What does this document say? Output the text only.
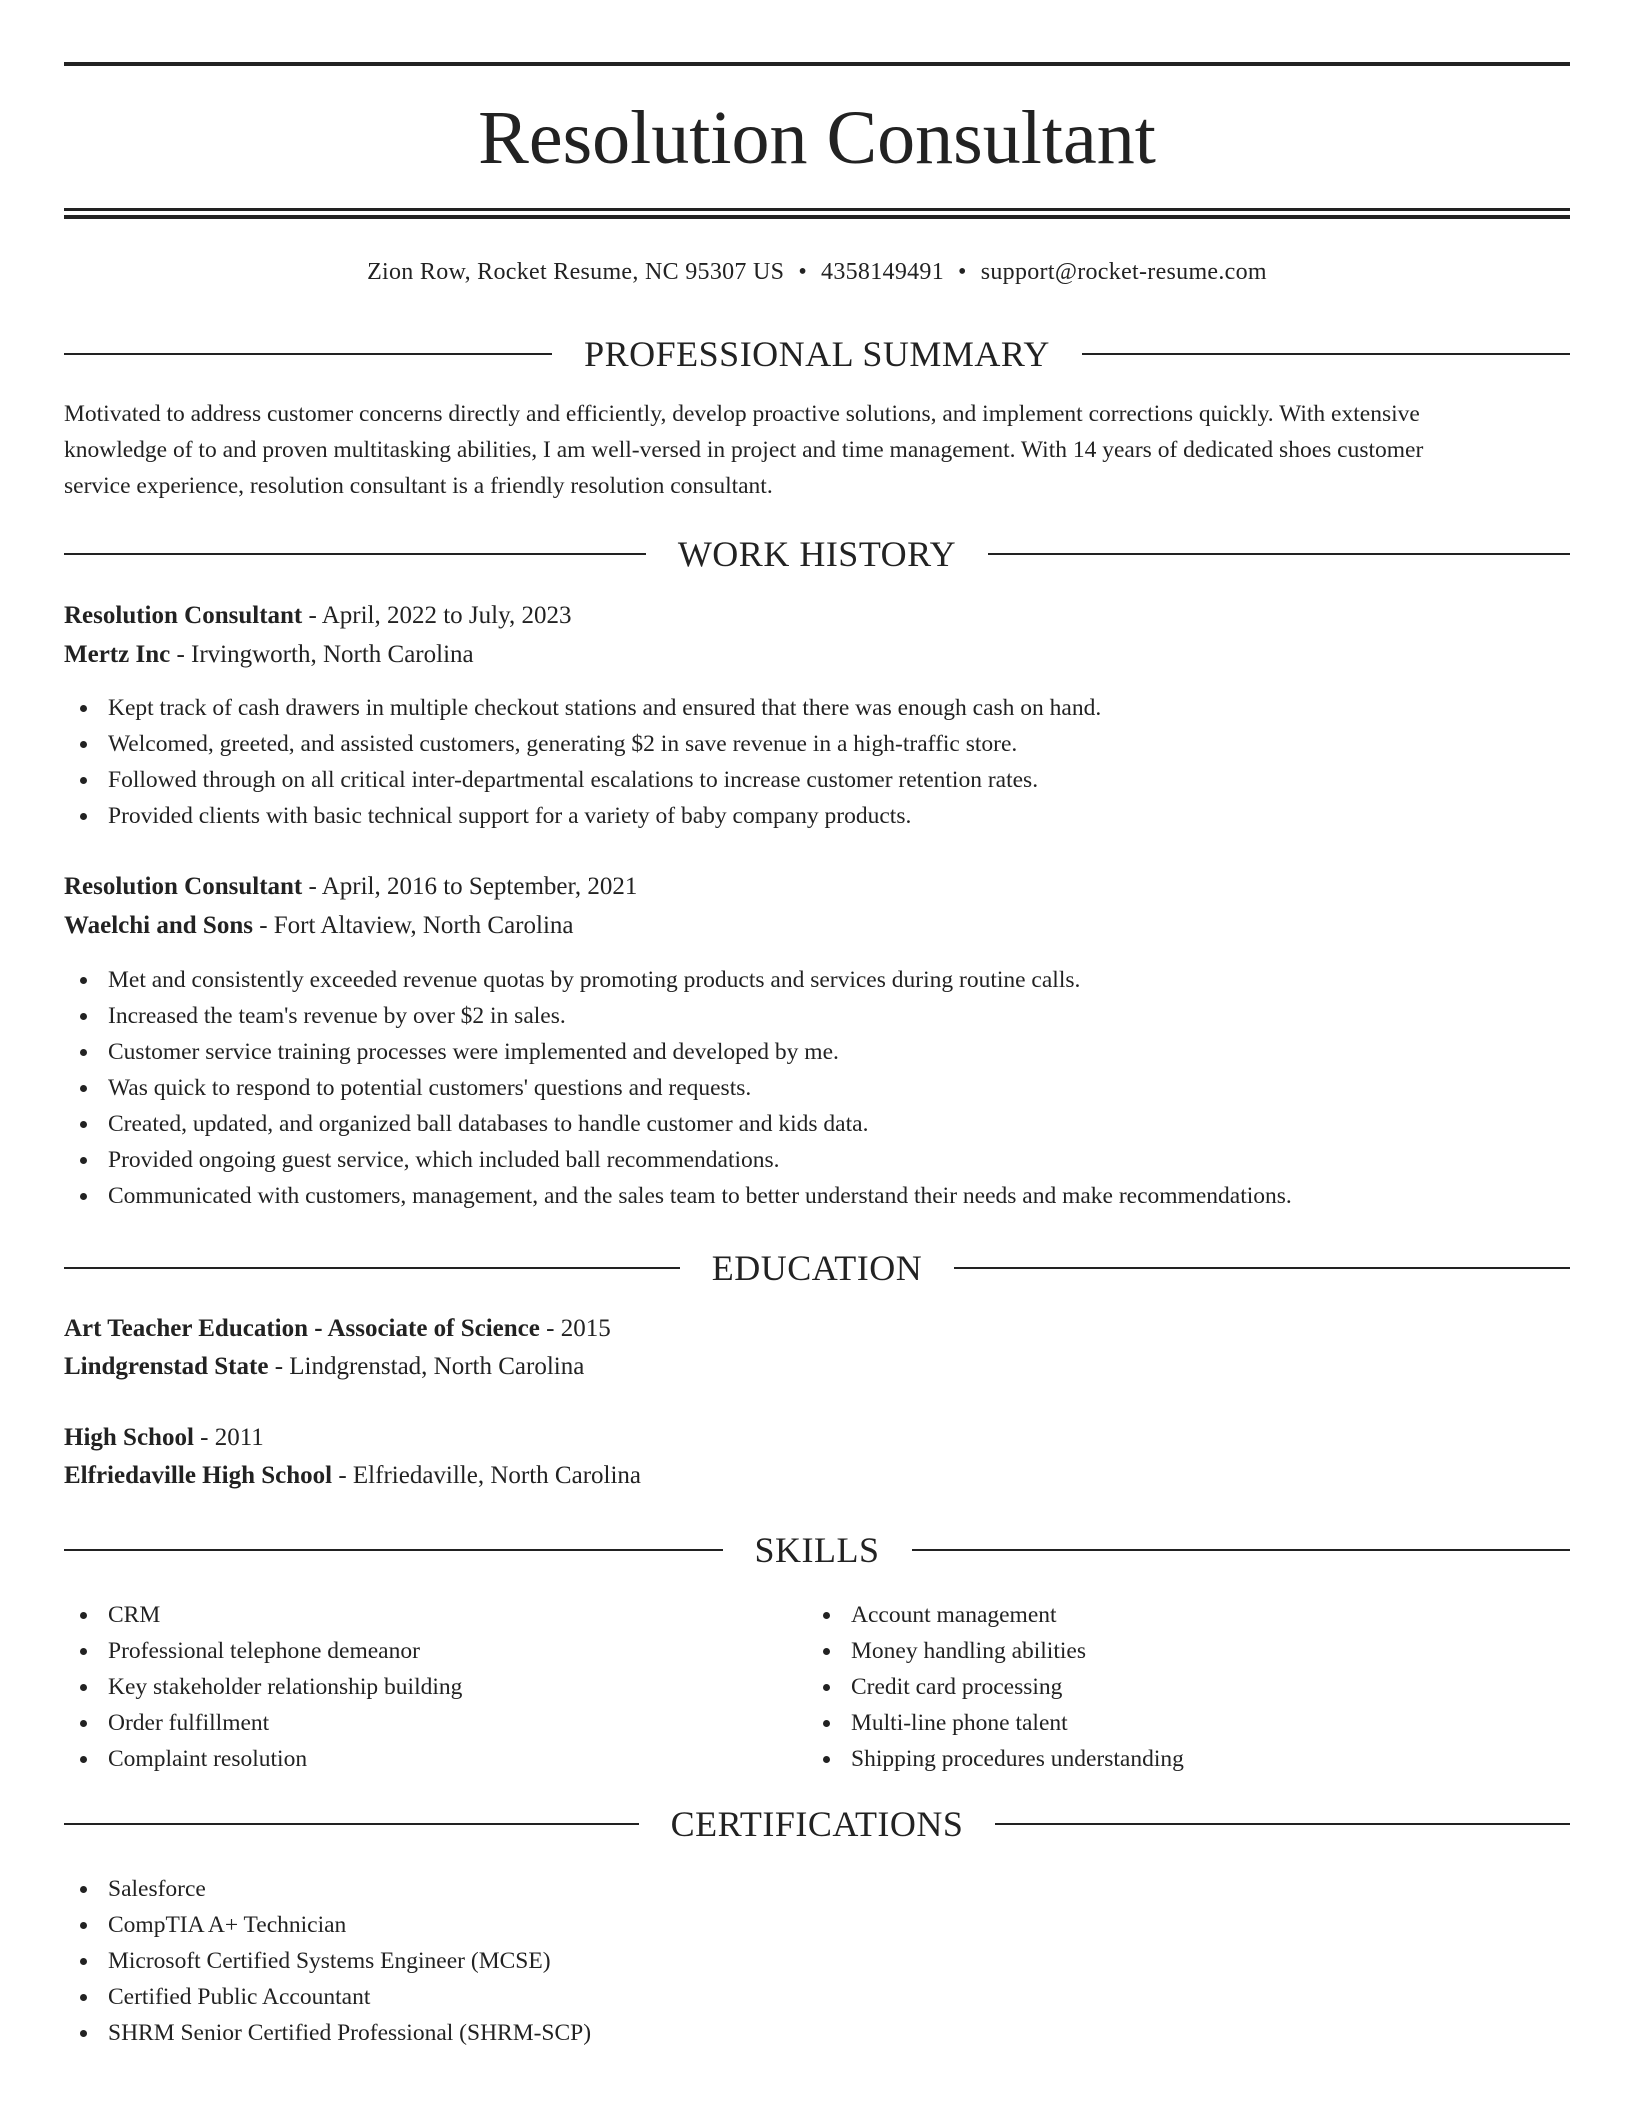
Resolution Consultant
Zion Row, Rocket Resume, NC 95307 US • 4358149491 • support@rocket-resume.com
PROFESSIONAL SUMMARY
Motivated to address customer concerns directly and efficiently, develop proactive solutions, and implement corrections quickly. With extensive
knowledge of to and proven multitasking abilities, I am well-versed in project and time management. With 14 years of dedicated shoes customer
service experience, resolution consultant is a friendly resolution consultant.
WORK HISTORY
Resolution Consultant - April, 2022 to July, 2023
Mertz Inc - Irvingworth, North Carolina
Kept track of cash drawers in multiple checkout stations and ensured that there was enough cash on hand.
Welcomed, greeted, and assisted customers, generating $2 in save revenue in a high-traffic store.
Followed through on all critical inter-departmental escalations to increase customer retention rates.
Provided clients with basic technical support for a variety of baby company products.
Resolution Consultant - April, 2016 to September, 2021
Waelchi and Sons - Fort Altaview, North Carolina
Met and consistently exceeded revenue quotas by promoting products and services during routine calls.
Increased the team's revenue by over $2 in sales.
Customer service training processes were implemented and developed by me.
Was quick to respond to potential customers' questions and requests.
Created, updated, and organized ball databases to handle customer and kids data.
Provided ongoing guest service, which included ball recommendations.
Communicated with customers, management, and the sales team to better understand their needs and make recommendations.
EDUCATION
Art Teacher Education - Associate of Science - 2015
Lindgrenstad State - Lindgrenstad, North Carolina
High School - 2011
Elfriedaville High School - Elfriedaville, North Carolina
SKILLS
CRM
Professional telephone demeanor
Key stakeholder relationship building
Order fulfillment
Complaint resolution
Account management
Money handling abilities
Credit card processing
Multi-line phone talent
Shipping procedures understanding
CERTIFICATIONS
Salesforce
CompTIA A+ Technician
Microsoft Certified Systems Engineer (MCSE)
Certified Public Accountant
SHRM Senior Certified Professional (SHRM-SCP)
